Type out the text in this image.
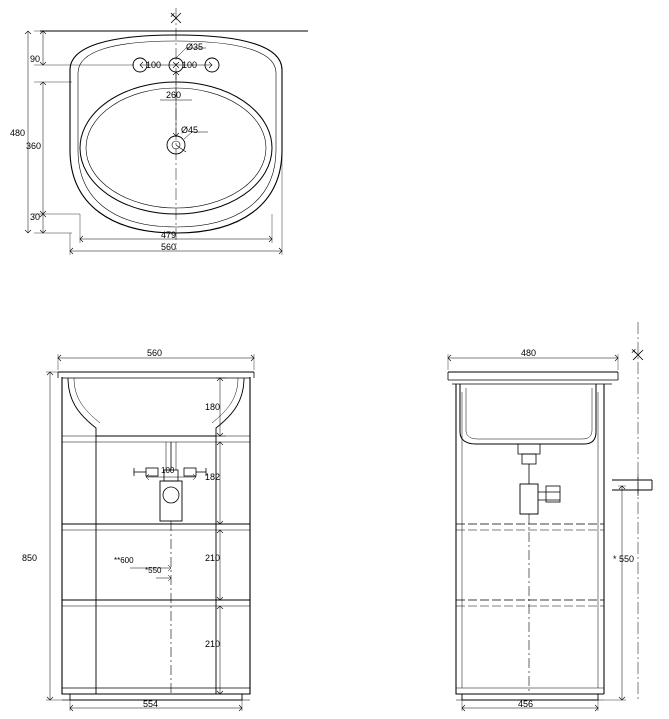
×
Ø35
100 100
260
Ø45
90
360
30
480
479
560
560
180
182
210
210
850
554
**600
*550
100
480	×
* 550
456
